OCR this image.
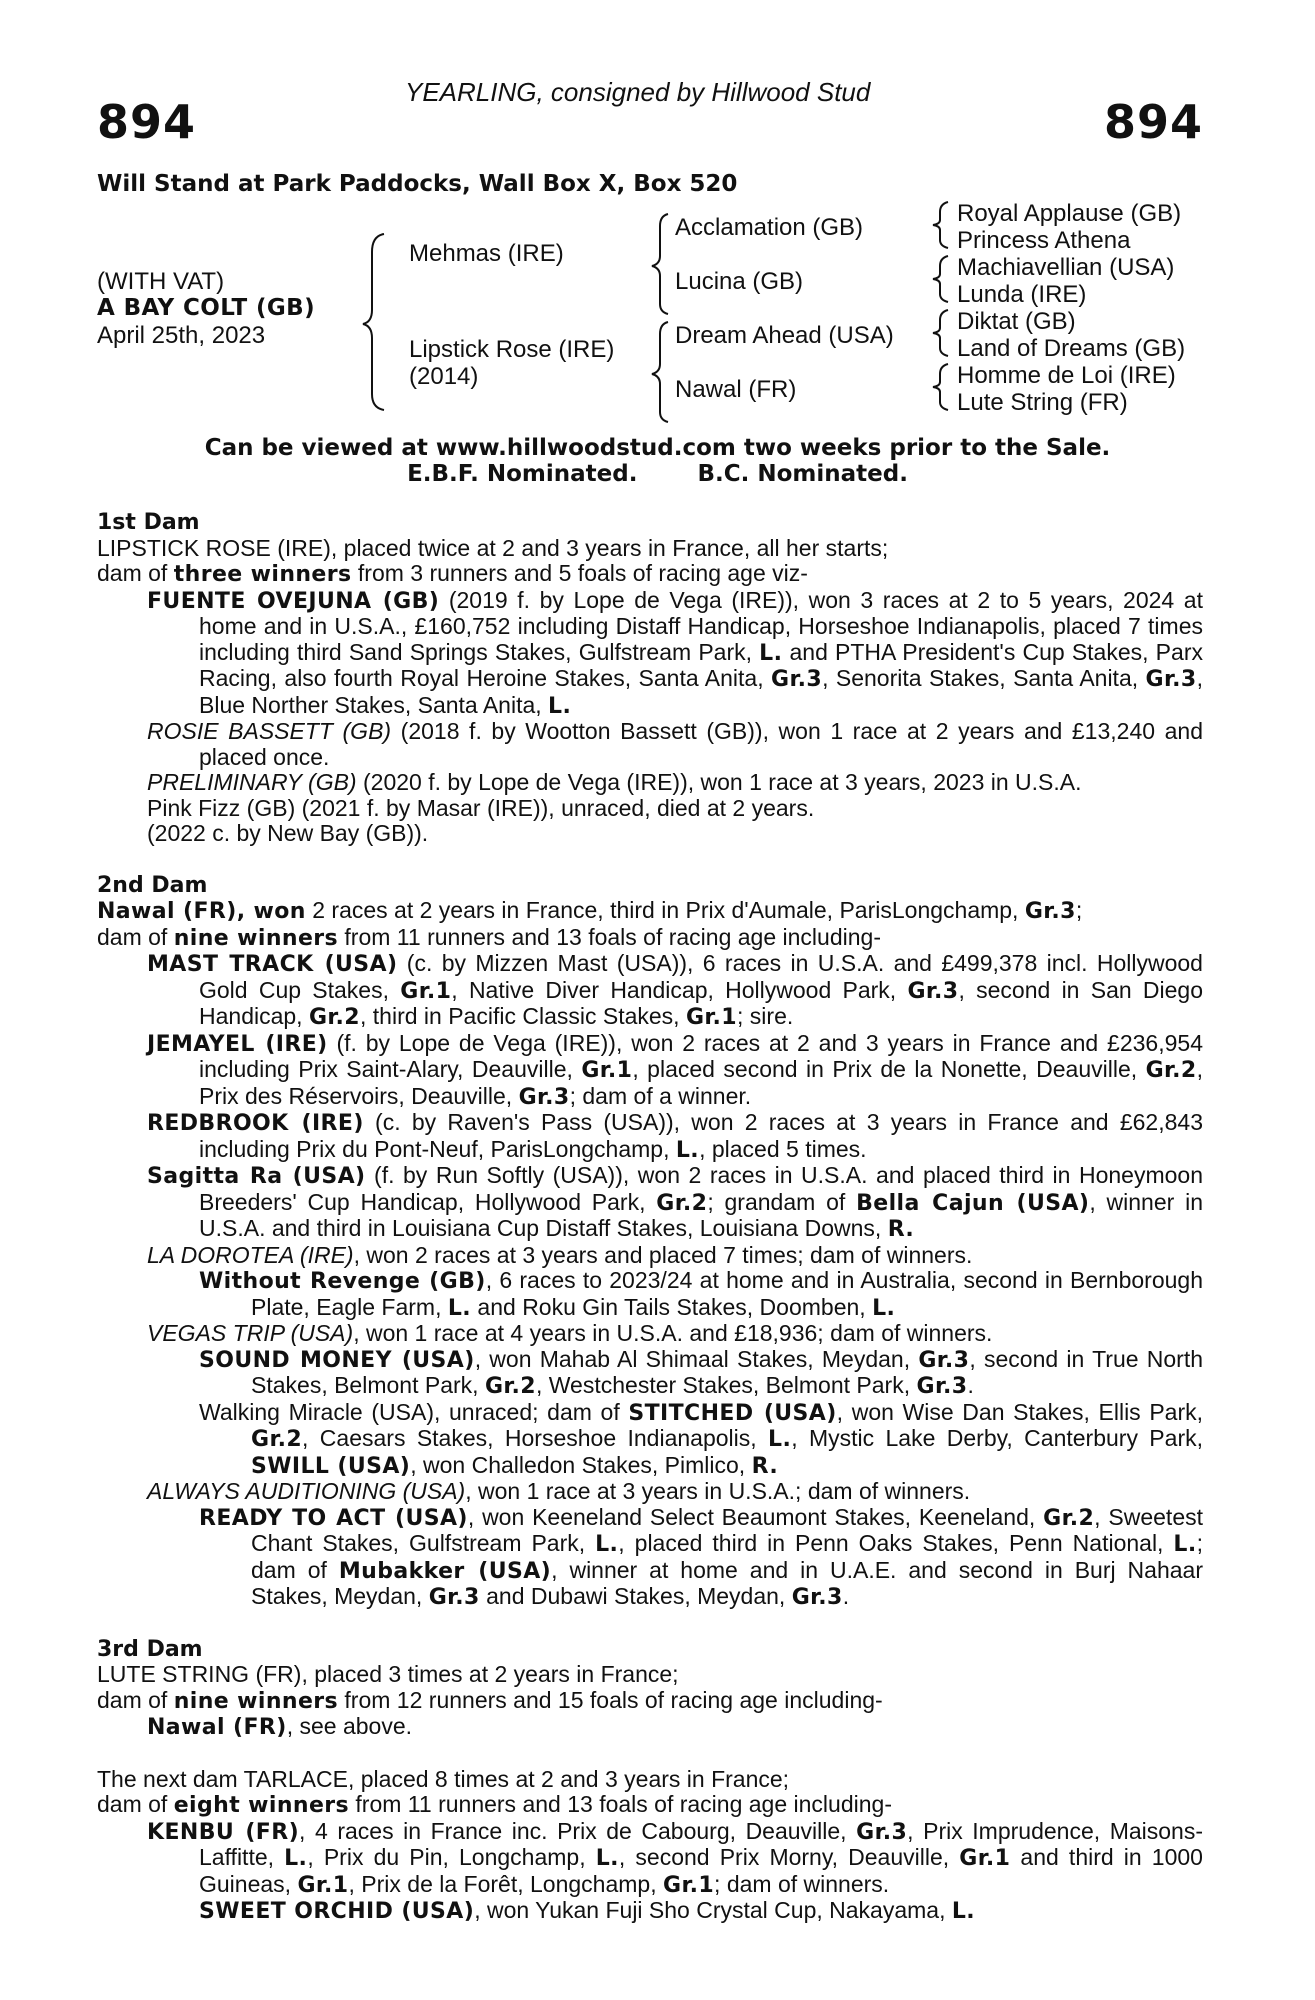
YEARLING, consigned by Hillwood Stud
894	894
Will Stand at Park Paddocks, Wall Box X, Box 520
(WITH VAT)
A BAY COLT (GB)
April 25th, 2023
Mehmas (IRE)
Lipstick Rose (IRE)
(2014)
Acclamation (GB)
Lucina (GB)
Dream Ahead (USA)
Nawal (FR)
Royal Applause (GB)
Princess Athena
Machiavellian (USA)
Lunda (IRE)
Diktat (GB)
Land of Dreams (GB)
Homme de Loi (IRE)
Lute String (FR)
Can be viewed at www.hillwoodstud.com two weeks prior to the Sale.
E.B.F. Nominated.	B.C. Nominated.

1st Dam

LIPSTICK ROSE (IRE), placed twice at 2 and 3 years in France, all her starts;

dam of three winners from 3 runners and 5 foals of racing age viz-

FUENTE OVEJUNA (GB) (2019 f. by Lope de Vega (IRE)), won 3 races at 2 to 5 years, 2024 at home and in U.S.A., £160,752 including Distaff Handicap, Horseshoe Indianapolis, placed 7 times including third Sand Springs Stakes, Gulfstream Park, L. and PTHA President's Cup Stakes, Parx Racing, also fourth Royal Heroine Stakes, Santa Anita, Gr.3, Senorita Stakes, Santa Anita, Gr.3, Blue Norther Stakes, Santa Anita, L.

ROSIE BASSETT (GB) (2018 f. by Wootton Bassett (GB)), won 1 race at 2 years and £13,240 and placed once.

PRELIMINARY (GB) (2020 f. by Lope de Vega (IRE)), won 1 race at 3 years, 2023 in U.S.A.

Pink Fizz (GB) (2021 f. by Masar (IRE)), unraced, died at 2 years.

(2022 c. by New Bay (GB)).

2nd Dam

Nawal (FR), won 2 races at 2 years in France, third in Prix d'Aumale, ParisLongchamp, Gr.3;

dam of nine winners from 11 runners and 13 foals of racing age including-

MAST TRACK (USA) (c. by Mizzen Mast (USA)), 6 races in U.S.A. and £499,378 incl. Hollywood Gold Cup Stakes, Gr.1, Native Diver Handicap, Hollywood Park, Gr.3, second in San Diego Handicap, Gr.2, third in Pacific Classic Stakes, Gr.1; sire.

JEMAYEL (IRE) (f. by Lope de Vega (IRE)), won 2 races at 2 and 3 years in France and £236,954 including Prix Saint-Alary, Deauville, Gr.1, placed second in Prix de la Nonette, Deauville, Gr.2, Prix des Réservoirs, Deauville, Gr.3; dam of a winner.

REDBROOK (IRE) (c. by Raven's Pass (USA)), won 2 races at 3 years in France and £62,843 including Prix du Pont-Neuf, ParisLongchamp, L., placed 5 times.

Sagitta Ra (USA) (f. by Run Softly (USA)), won 2 races in U.S.A. and placed third in Honeymoon Breeders' Cup Handicap, Hollywood Park, Gr.2; grandam of Bella Cajun (USA), winner in U.S.A. and third in Louisiana Cup Distaff Stakes, Louisiana Downs, R.

LA DOROTEA (IRE), won 2 races at 3 years and placed 7 times; dam of winners.

Without Revenge (GB), 6 races to 2023/24 at home and in Australia, second in Bernborough Plate, Eagle Farm, L. and Roku Gin Tails Stakes, Doomben, L.

VEGAS TRIP (USA), won 1 race at 4 years in U.S.A. and £18,936; dam of winners.

SOUND MONEY (USA), won Mahab Al Shimaal Stakes, Meydan, Gr.3, second in True North Stakes, Belmont Park, Gr.2, Westchester Stakes, Belmont Park, Gr.3.

Walking Miracle (USA), unraced; dam of STITCHED (USA), won Wise Dan Stakes, Ellis Park, Gr.2, Caesars Stakes, Horseshoe Indianapolis, L., Mystic Lake Derby, Canterbury Park, SWILL (USA), won Challedon Stakes, Pimlico, R.

ALWAYS AUDITIONING (USA), won 1 race at 3 years in U.S.A.; dam of winners.

READY TO ACT (USA), won Keeneland Select Beaumont Stakes, Keeneland, Gr.2, Sweetest Chant Stakes, Gulfstream Park, L., placed third in Penn Oaks Stakes, Penn National, L.; dam of Mubakker (USA), winner at home and in U.A.E. and second in Burj Nahaar Stakes, Meydan, Gr.3 and Dubawi Stakes, Meydan, Gr.3.

3rd Dam

LUTE STRING (FR), placed 3 times at 2 years in France;

dam of nine winners from 12 runners and 15 foals of racing age including-

Nawal (FR), see above.

The next dam TARLACE, placed 8 times at 2 and 3 years in France;

dam of eight winners from 11 runners and 13 foals of racing age including-

KENBU (FR), 4 races in France inc. Prix de Cabourg, Deauville, Gr.3, Prix Imprudence, Maisons-Laffitte, L., Prix du Pin, Longchamp, L., second Prix Morny, Deauville, Gr.1 and third in 1000 Guineas, Gr.1, Prix de la Forêt, Longchamp, Gr.1; dam of winners.

SWEET ORCHID (USA), won Yukan Fuji Sho Crystal Cup, Nakayama, L.
